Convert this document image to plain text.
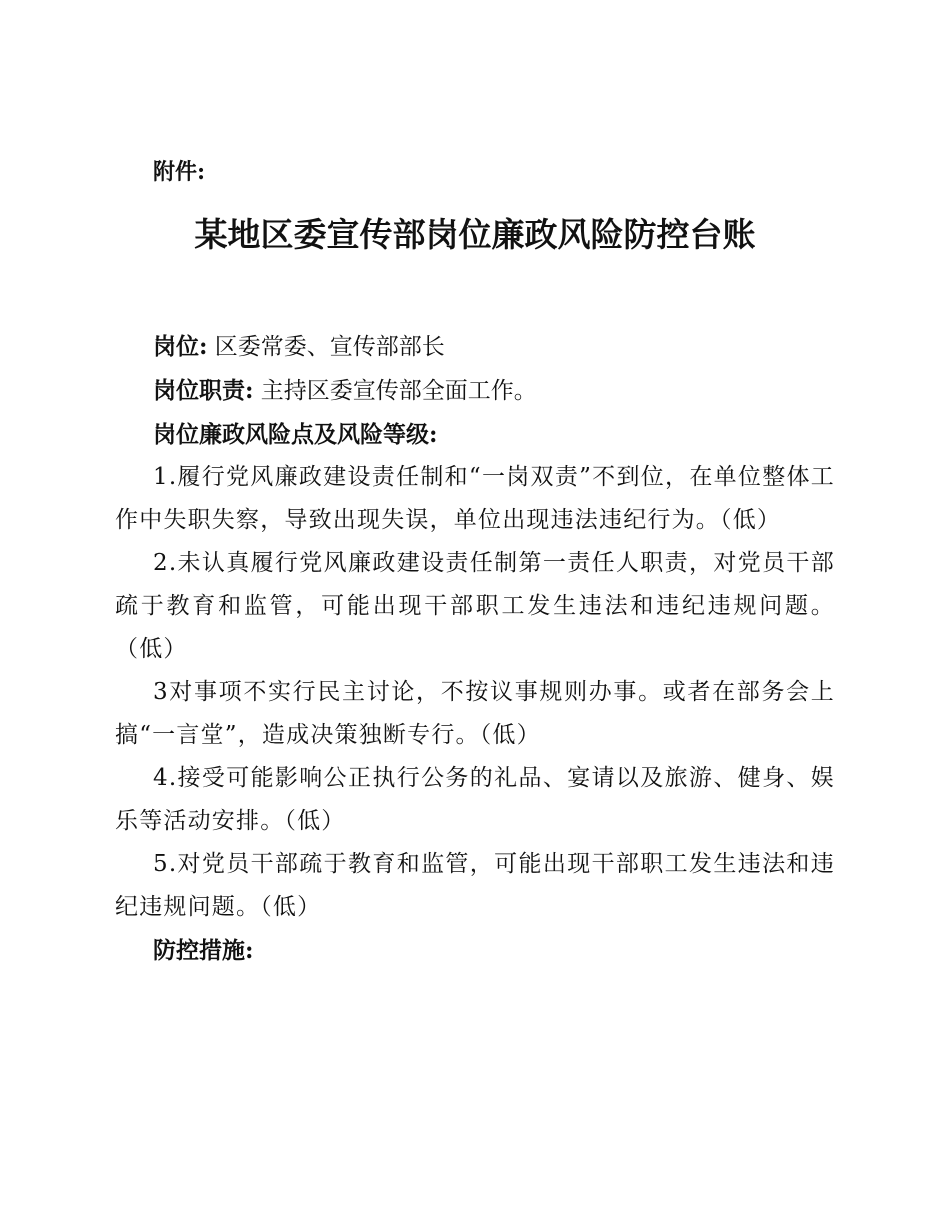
附件:
某地区委宣传部岗位廉政风险防控台账

岗位: 区委常委、宣传部部长

岗位职责: 主持区委宣传部全面工作。

岗位廉政风险点及风险等级:

1.履行党风廉政建设责任制和“一岗双责”不到位，在单位整体工作中失职失察，导致出现失误，单位出现违法违纪行为。（低）

2.未认真履行党风廉政建设责任制第一责任人职责，对党员干部疏于教育和监管，可能出现干部职工发生违法和违纪违规问题。（低）

3对事项不实行民主讨论，不按议事规则办事。或者在部务会上搞“一言堂”，造成决策独断专行。（低）

4.接受可能影响公正执行公务的礼品、宴请以及旅游、健身、娱乐等活动安排。（低）

5.对党员干部疏于教育和监管，可能出现干部职工发生违法和违纪违规问题。（低）

防控措施:
